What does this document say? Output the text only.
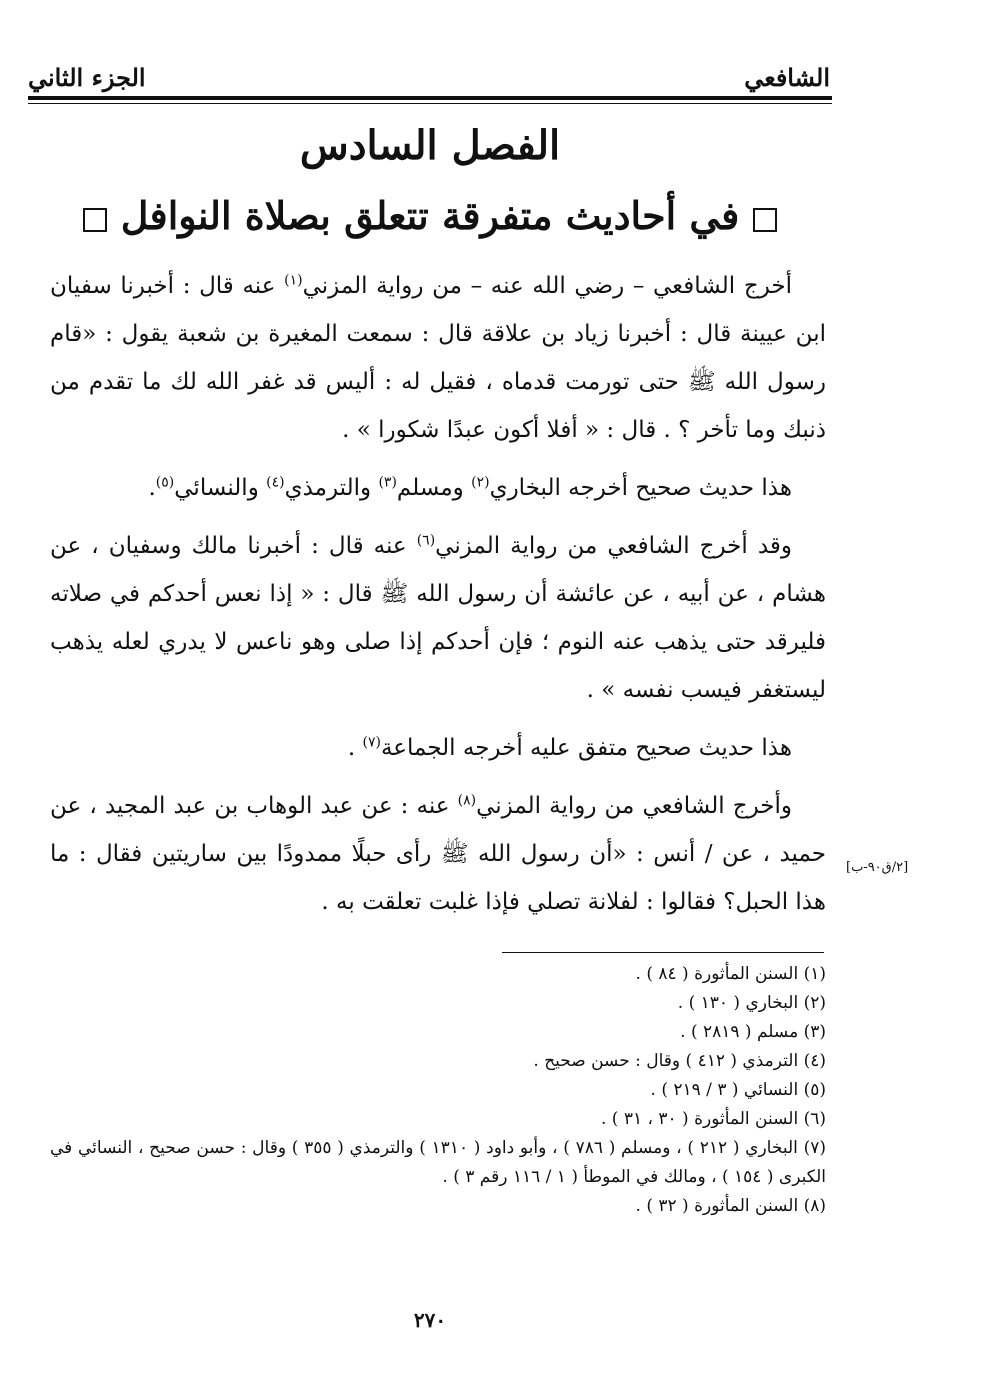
الشافعي
الجزء الثاني
الفصل السادس
في أحاديث متفرقة تتعلق بصلاة النوافل

أخرج الشافعي – رضي الله عنه – من رواية المزني$^{(١)}$ عنه قال : أخبرنا سفيان ابن عيينة قال : أخبرنا زياد بن علاقة قال : سمعت المغيرة بن شعبة يقول : «قام رسول الله ﷺ حتى تورمت قدماه ، فقيل له : أليس قد غفر الله لك ما تقدم من ذنبك وما تأخر ؟ . قال : « أفلا أكون عبدًا شكورا » .

هذا حديث صحيح أخرجه البخاري$^{(٢)}$ ومسلم$^{(٣)}$ والترمذي$^{(٤)}$ والنسائي$^{(٥)}$.

وقد أخرج الشافعي من رواية المزني$^{(٦)}$ عنه قال : أخبرنا مالك وسفيان ، عن هشام ، عن أبيه ، عن عائشة أن رسول الله ﷺ قال : « إذا نعس أحدكم في صلاته فليرقد حتى يذهب عنه النوم ؛ فإن أحدكم إذا صلى وهو ناعس لا يدري لعله يذهب ليستغفر فيسب نفسه » .

هذا حديث صحيح متفق عليه أخرجه الجماعة$^{(٧)}$ .

وأخرج الشافعي من رواية المزني$^{(٨)}$ عنه : عن عبد الوهاب بن عبد المجيد ، عن حميد ، عن / أنس : «أن رسول الله ﷺ رأى حبلًا ممدودًا بين ساريتين فقال : ما هذا الحبل؟ فقالوا : لفلانة تصلي فإذا غلبت تعلقت به .

[٢/ق٩٠-ب]

(١) السنن المأثورة ( ٨٤ ) .

(٢) البخاري ( ١٣٠ ) .

(٣) مسلم ( ٢٨١٩ ) .

(٤) الترمذي ( ٤١٢ ) وقال : حسن صحيح .

(٥) النسائي ( ٣ / ٢١٩ ) .

(٦) السنن المأثورة ( ٣٠ ، ٣١ ) .

(٧) البخاري ( ٢١٢ ) ، ومسلم ( ٧٨٦ ) ، وأبو داود ( ١٣١٠ ) والترمذي ( ٣٥٥ ) وقال : حسن صحيح ، النسائي في الكبرى ( ١٥٤ ) ، ومالك في الموطأ ( ١ / ١١٦ رقم ٣ ) .

(٨) السنن المأثورة ( ٣٢ ) .

٢٧٠
